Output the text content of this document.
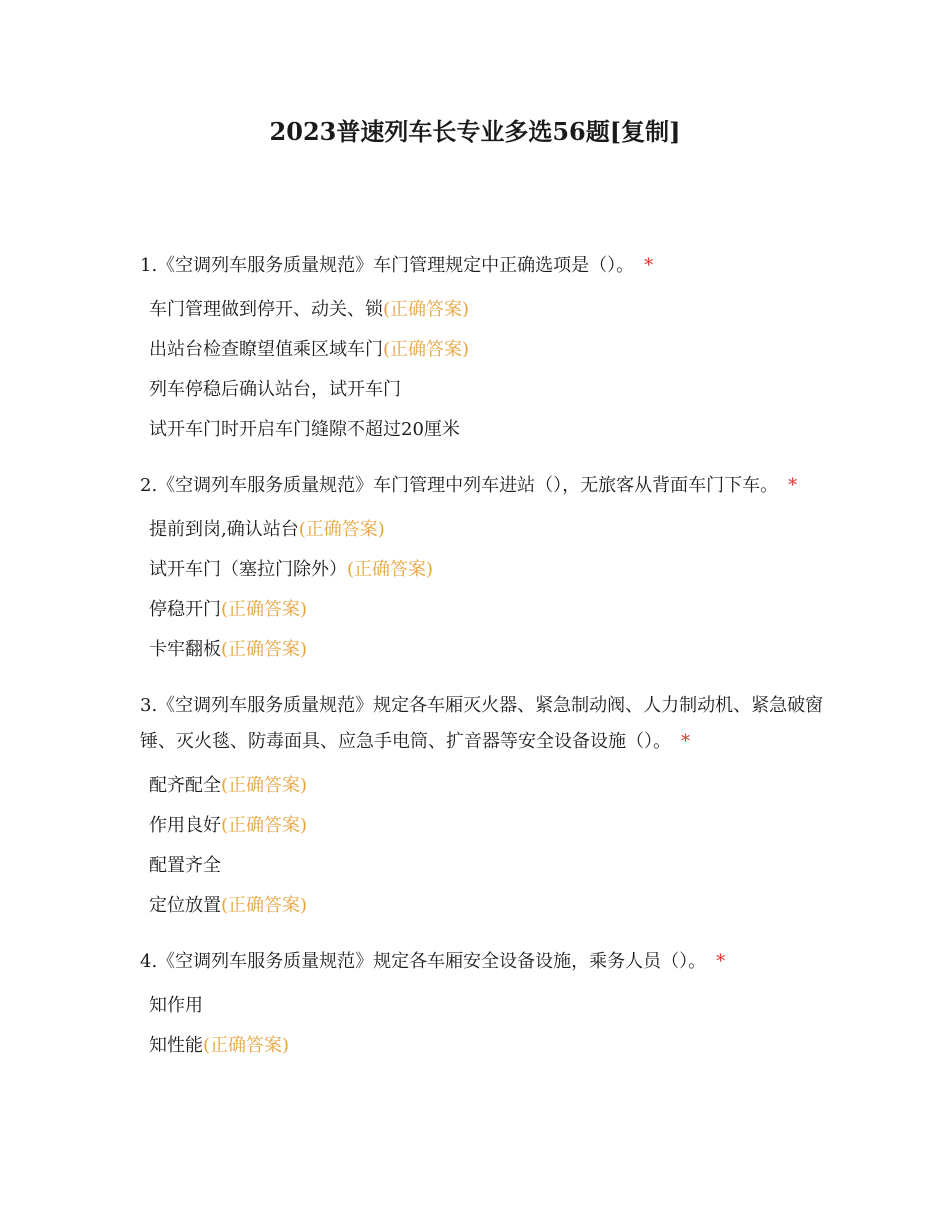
2023普速列车长专业多选56题[复制]

1.《空调列车服务质量规范》车门管理规定中正确选项是（）。 *

车门管理做到停开、动关、锁(正确答案)
出站台检查瞭望值乘区域车门(正确答案)
列车停稳后确认站台，试开车门
试开车门时开启车门缝隙不超过20厘米

2.《空调列车服务质量规范》车门管理中列车进站（），无旅客从背面车门下车。 *

提前到岗,确认站台(正确答案)
试开车门（塞拉门除外）(正确答案)
停稳开门(正确答案)
卡牢翻板(正确答案)

3.《空调列车服务质量规范》规定各车厢灭火器、紧急制动阀、人力制动机、紧急破窗锤、灭火毯、防毒面具、应急手电筒、扩音器等安全设备设施（）。 *

配齐配全(正确答案)
作用良好(正确答案)
配置齐全
定位放置(正确答案)

4.《空调列车服务质量规范》规定各车厢安全设备设施，乘务人员（）。 *

知作用
知性能(正确答案)
